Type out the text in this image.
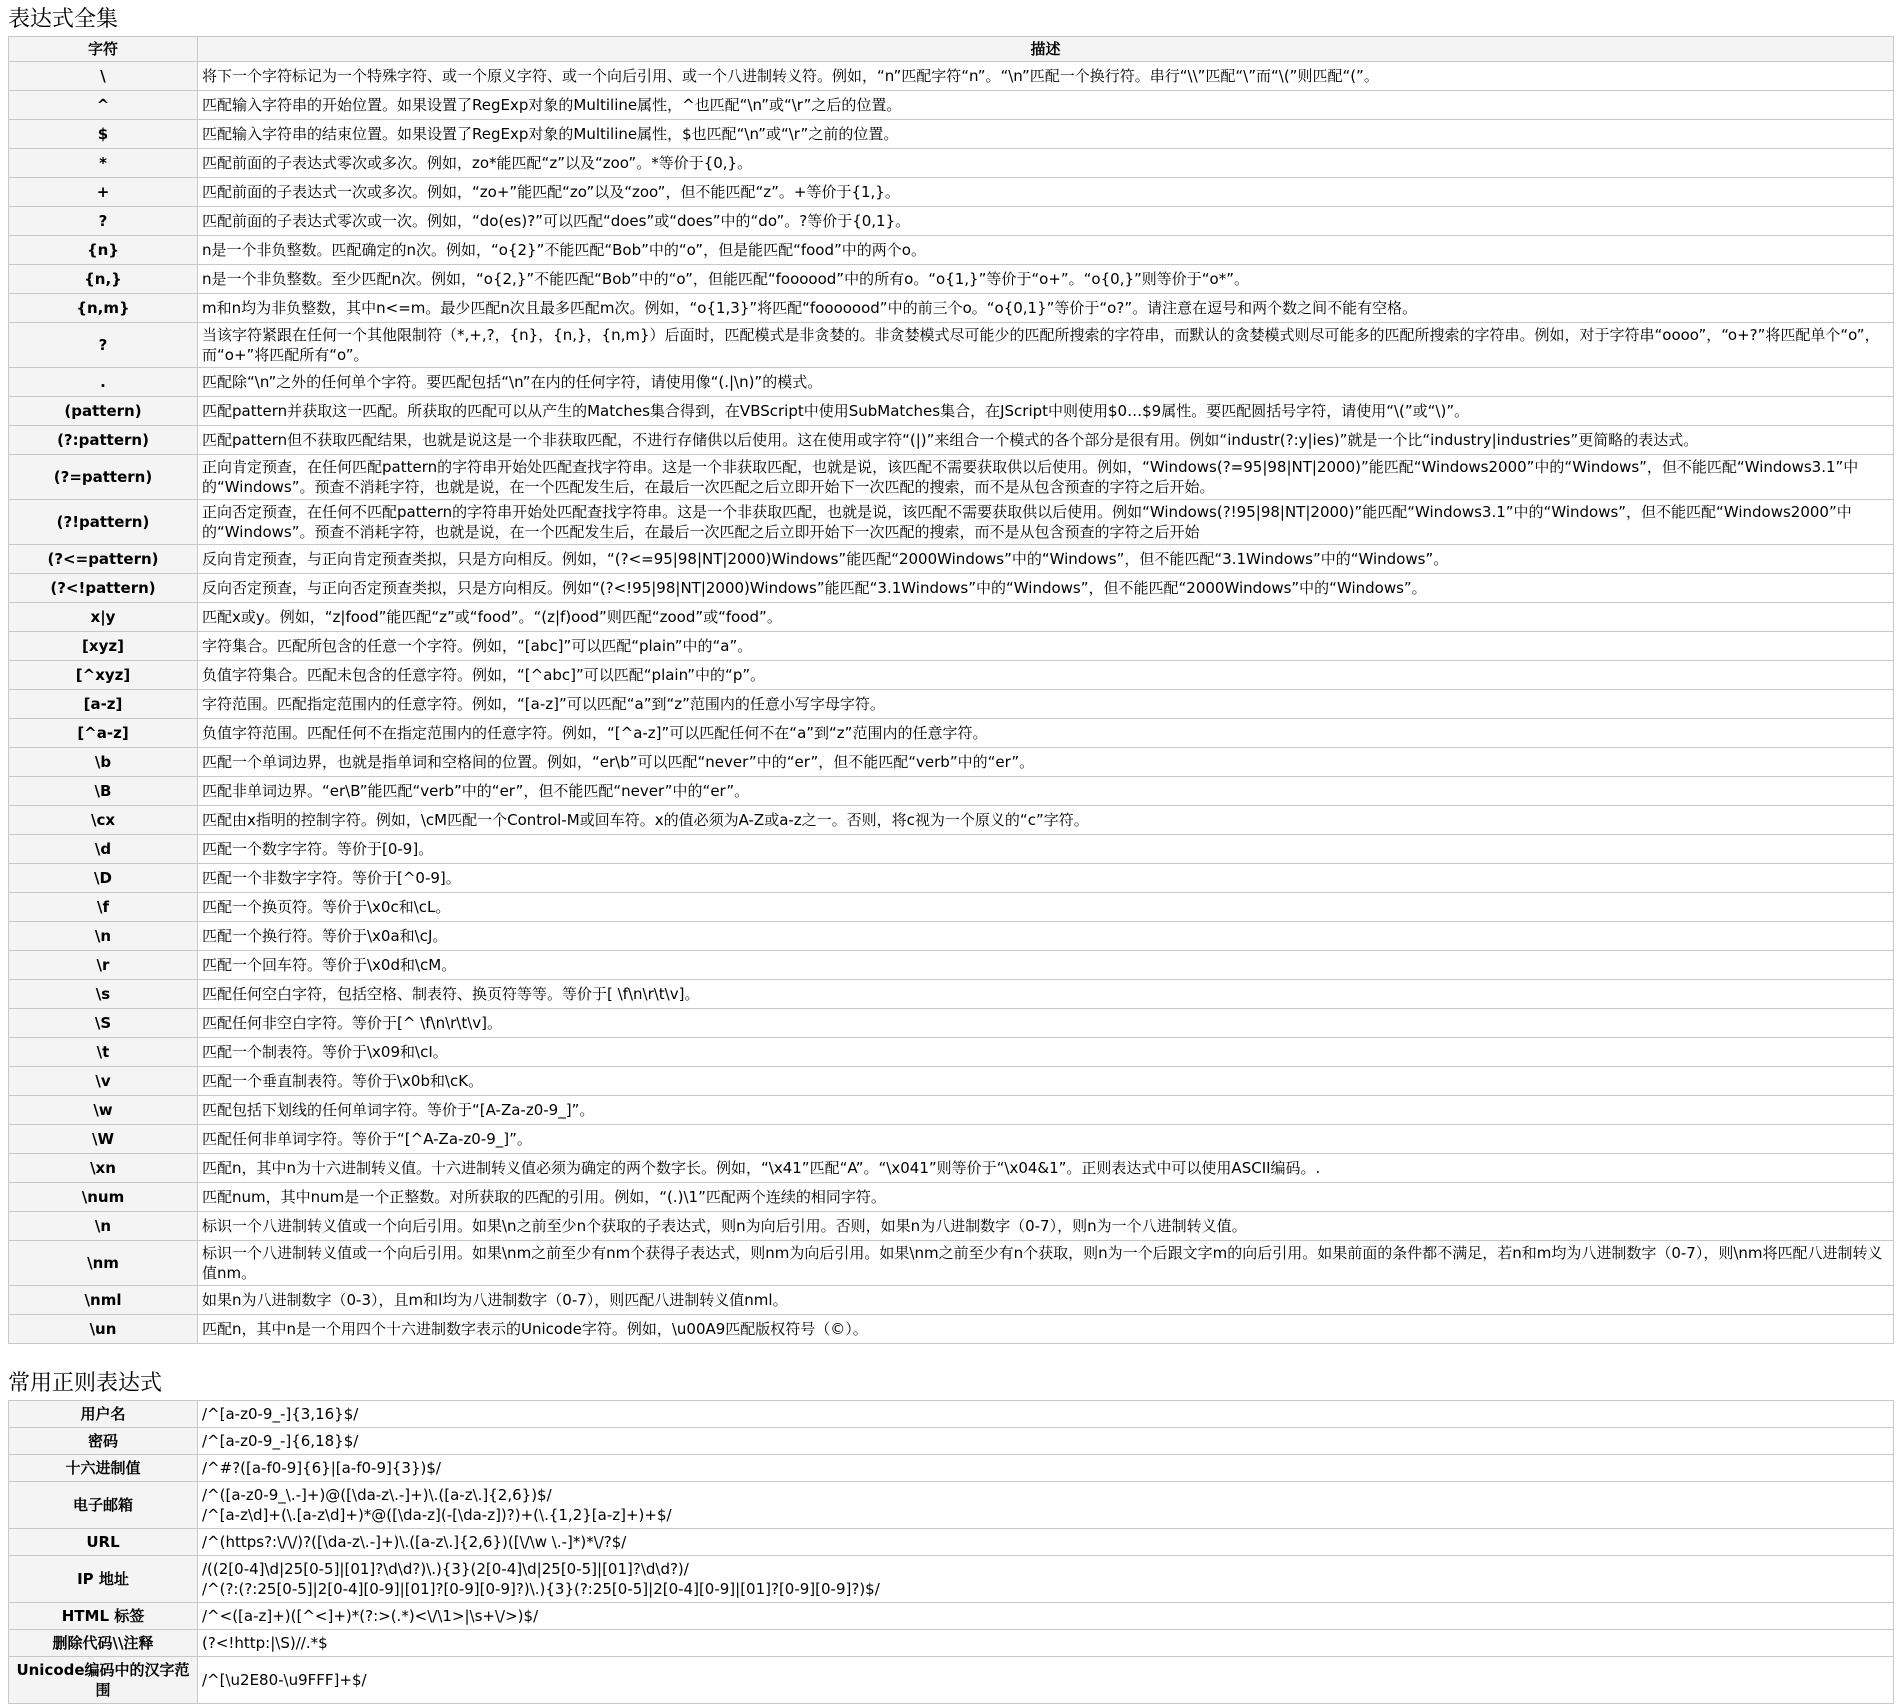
表达式全集
字符	描述
\	将下一个字符标记为一个特殊字符、或一个原义字符、或一个向后引用、或一个八进制转义符。例如，“n”匹配字符“n”。“\n”匹配一个换行符。串行“\\”匹配“\”而“\(”则匹配“(”。
^	匹配输入字符串的开始位置。如果设置了RegExp对象的Multiline属性，^也匹配“\n”或“\r”之后的位置。
$	匹配输入字符串的结束位置。如果设置了RegExp对象的Multiline属性，$也匹配“\n”或“\r”之前的位置。
*	匹配前面的子表达式零次或多次。例如，zo*能匹配“z”以及“zoo”。*等价于{0,}。
+	匹配前面的子表达式一次或多次。例如，“zo+”能匹配“zo”以及“zoo”，但不能匹配“z”。+等价于{1,}。
?	匹配前面的子表达式零次或一次。例如，“do(es)?”可以匹配“does”或“does”中的“do”。?等价于{0,1}。
{n}	n是一个非负整数。匹配确定的n次。例如，“o{2}”不能匹配“Bob”中的“o”，但是能匹配“food”中的两个o。
{n,}	n是一个非负整数。至少匹配n次。例如，“o{2,}”不能匹配“Bob”中的“o”，但能匹配“foooood”中的所有o。“o{1,}”等价于“o+”。“o{0,}”则等价于“o*”。
{n,m}	m和n均为非负整数，其中n<=m。最少匹配n次且最多匹配m次。例如，“o{1,3}”将匹配“fooooood”中的前三个o。“o{0,1}”等价于“o?”。请注意在逗号和两个数之间不能有空格。
?	当该字符紧跟在任何一个其他限制符（*,+,?，{n}，{n,}，{n,m}）后面时，匹配模式是非贪婪的。非贪婪模式尽可能少的匹配所搜索的字符串，而默认的贪婪模式则尽可能多的匹配所搜索的字符串。例如，对于字符串“oooo”，“o+?”将匹配单个“o”，而“o+”将匹配所有“o”。
.	匹配除“\n”之外的任何单个字符。要匹配包括“\n”在内的任何字符，请使用像“(.|\n)”的模式。
(pattern)	匹配pattern并获取这一匹配。所获取的匹配可以从产生的Matches集合得到，在VBScript中使用SubMatches集合，在JScript中则使用$0…$9属性。要匹配圆括号字符，请使用“\(”或“\)”。
(?:pattern)	匹配pattern但不获取匹配结果，也就是说这是一个非获取匹配，不进行存储供以后使用。这在使用或字符“(|)”来组合一个模式的各个部分是很有用。例如“industr(?:y|ies)”就是一个比“industry|industries”更简略的表达式。
(?=pattern)	正向肯定预查，在任何匹配pattern的字符串开始处匹配查找字符串。这是一个非获取匹配，也就是说，该匹配不需要获取供以后使用。例如，“Windows(?=95|98|NT|2000)”能匹配“Windows2000”中的“Windows”，但不能匹配“Windows3.1”中的“Windows”。预查不消耗字符，也就是说，在一个匹配发生后，在最后一次匹配之后立即开始下一次匹配的搜索，而不是从包含预查的字符之后开始。
(?!pattern)	正向否定预查，在任何不匹配pattern的字符串开始处匹配查找字符串。这是一个非获取匹配，也就是说，该匹配不需要获取供以后使用。例如“Windows(?!95|98|NT|2000)”能匹配“Windows3.1”中的“Windows”，但不能匹配“Windows2000”中的“Windows”。预查不消耗字符，也就是说，在一个匹配发生后，在最后一次匹配之后立即开始下一次匹配的搜索，而不是从包含预查的字符之后开始
(?<=pattern)	反向肯定预查，与正向肯定预查类拟，只是方向相反。例如，“(?<=95|98|NT|2000)Windows”能匹配“2000Windows”中的“Windows”，但不能匹配“3.1Windows”中的“Windows”。
(?<!pattern)	反向否定预查，与正向否定预查类拟，只是方向相反。例如“(?<!95|98|NT|2000)Windows”能匹配“3.1Windows”中的“Windows”，但不能匹配“2000Windows”中的“Windows”。
x|y	匹配x或y。例如，“z|food”能匹配“z”或“food”。“(z|f)ood”则匹配“zood”或“food”。
[xyz]	字符集合。匹配所包含的任意一个字符。例如，“[abc]”可以匹配“plain”中的“a”。
[^xyz]	负值字符集合。匹配未包含的任意字符。例如，“[^abc]”可以匹配“plain”中的“p”。
[a-z]	字符范围。匹配指定范围内的任意字符。例如，“[a-z]”可以匹配“a”到“z”范围内的任意小写字母字符。
[^a-z]	负值字符范围。匹配任何不在指定范围内的任意字符。例如，“[^a-z]”可以匹配任何不在“a”到“z”范围内的任意字符。
\b	匹配一个单词边界，也就是指单词和空格间的位置。例如，“er\b”可以匹配“never”中的“er”，但不能匹配“verb”中的“er”。
\B	匹配非单词边界。“er\B”能匹配“verb”中的“er”，但不能匹配“never”中的“er”。
\cx	匹配由x指明的控制字符。例如，\cM匹配一个Control-M或回车符。x的值必须为A-Z或a-z之一。否则，将c视为一个原义的“c”字符。
\d	匹配一个数字字符。等价于[0-9]。
\D	匹配一个非数字字符。等价于[^0-9]。
\f	匹配一个换页符。等价于\x0c和\cL。
\n	匹配一个换行符。等价于\x0a和\cJ。
\r	匹配一个回车符。等价于\x0d和\cM。
\s	匹配任何空白字符，包括空格、制表符、换页符等等。等价于[ \f\n\r\t\v]。
\S	匹配任何非空白字符。等价于[^ \f\n\r\t\v]。
\t	匹配一个制表符。等价于\x09和\cI。
\v	匹配一个垂直制表符。等价于\x0b和\cK。
\w	匹配包括下划线的任何单词字符。等价于“[A-Za-z0-9_]”。
\W	匹配任何非单词字符。等价于“[^A-Za-z0-9_]”。
\xn	匹配n，其中n为十六进制转义值。十六进制转义值必须为确定的两个数字长。例如，“\x41”匹配“A”。“\x041”则等价于“\x04&1”。正则表达式中可以使用ASCII编码。.
\num	匹配num，其中num是一个正整数。对所获取的匹配的引用。例如，“(.)\1”匹配两个连续的相同字符。
\n	标识一个八进制转义值或一个向后引用。如果\n之前至少n个获取的子表达式，则n为向后引用。否则，如果n为八进制数字（0-7），则n为一个八进制转义值。
\nm	标识一个八进制转义值或一个向后引用。如果\nm之前至少有nm个获得子表达式，则nm为向后引用。如果\nm之前至少有n个获取，则n为一个后跟文字m的向后引用。如果前面的条件都不满足，若n和m均为八进制数字（0-7），则\nm将匹配八进制转义值nm。
\nml	如果n为八进制数字（0-3），且m和l均为八进制数字（0-7），则匹配八进制转义值nml。
\un	匹配n，其中n是一个用四个十六进制数字表示的Unicode字符。例如，\u00A9匹配版权符号（©）。
常用正则表达式
用户名	/^[a-z0-9_-]{3,16}$/

密码	/^[a-z0-9_-]{6,18}$/

十六进制值	/^#?([a-f0-9]{6}|[a-f0-9]{3})$/

电子邮箱	/^([a-z0-9_\.-]+)@([\da-z\.-]+)\.([a-z\.]{2,6})$/
/^[a-z\d]+(\.[a-z\d]+)*@([\da-z](-[\da-z])?)+(\.{1,2}[a-z]+)+$/

URL	/^(https?:\/\/)?([\da-z\.-]+)\.([a-z\.]{2,6})([\/\w \.-]*)*\/?$/

IP 地址	/((2[0-4]\d|25[0-5]|[01]?\d\d?)\.){3}(2[0-4]\d|25[0-5]|[01]?\d\d?)/
/^(?:(?:25[0-5]|2[0-4][0-9]|[01]?[0-9][0-9]?)\.){3}(?:25[0-5]|2[0-4][0-9]|[01]?[0-9][0-9]?)$/

HTML 标签	/^<([a-z]+)([^<]+)*(?:>(.*)<\/\1>|\s+\/>)$/

删除代码\\注释	(?<!http:|\S)//.*$

Unicode编码中的汉字范围	/^[\u2E80-\u9FFF]+$/
